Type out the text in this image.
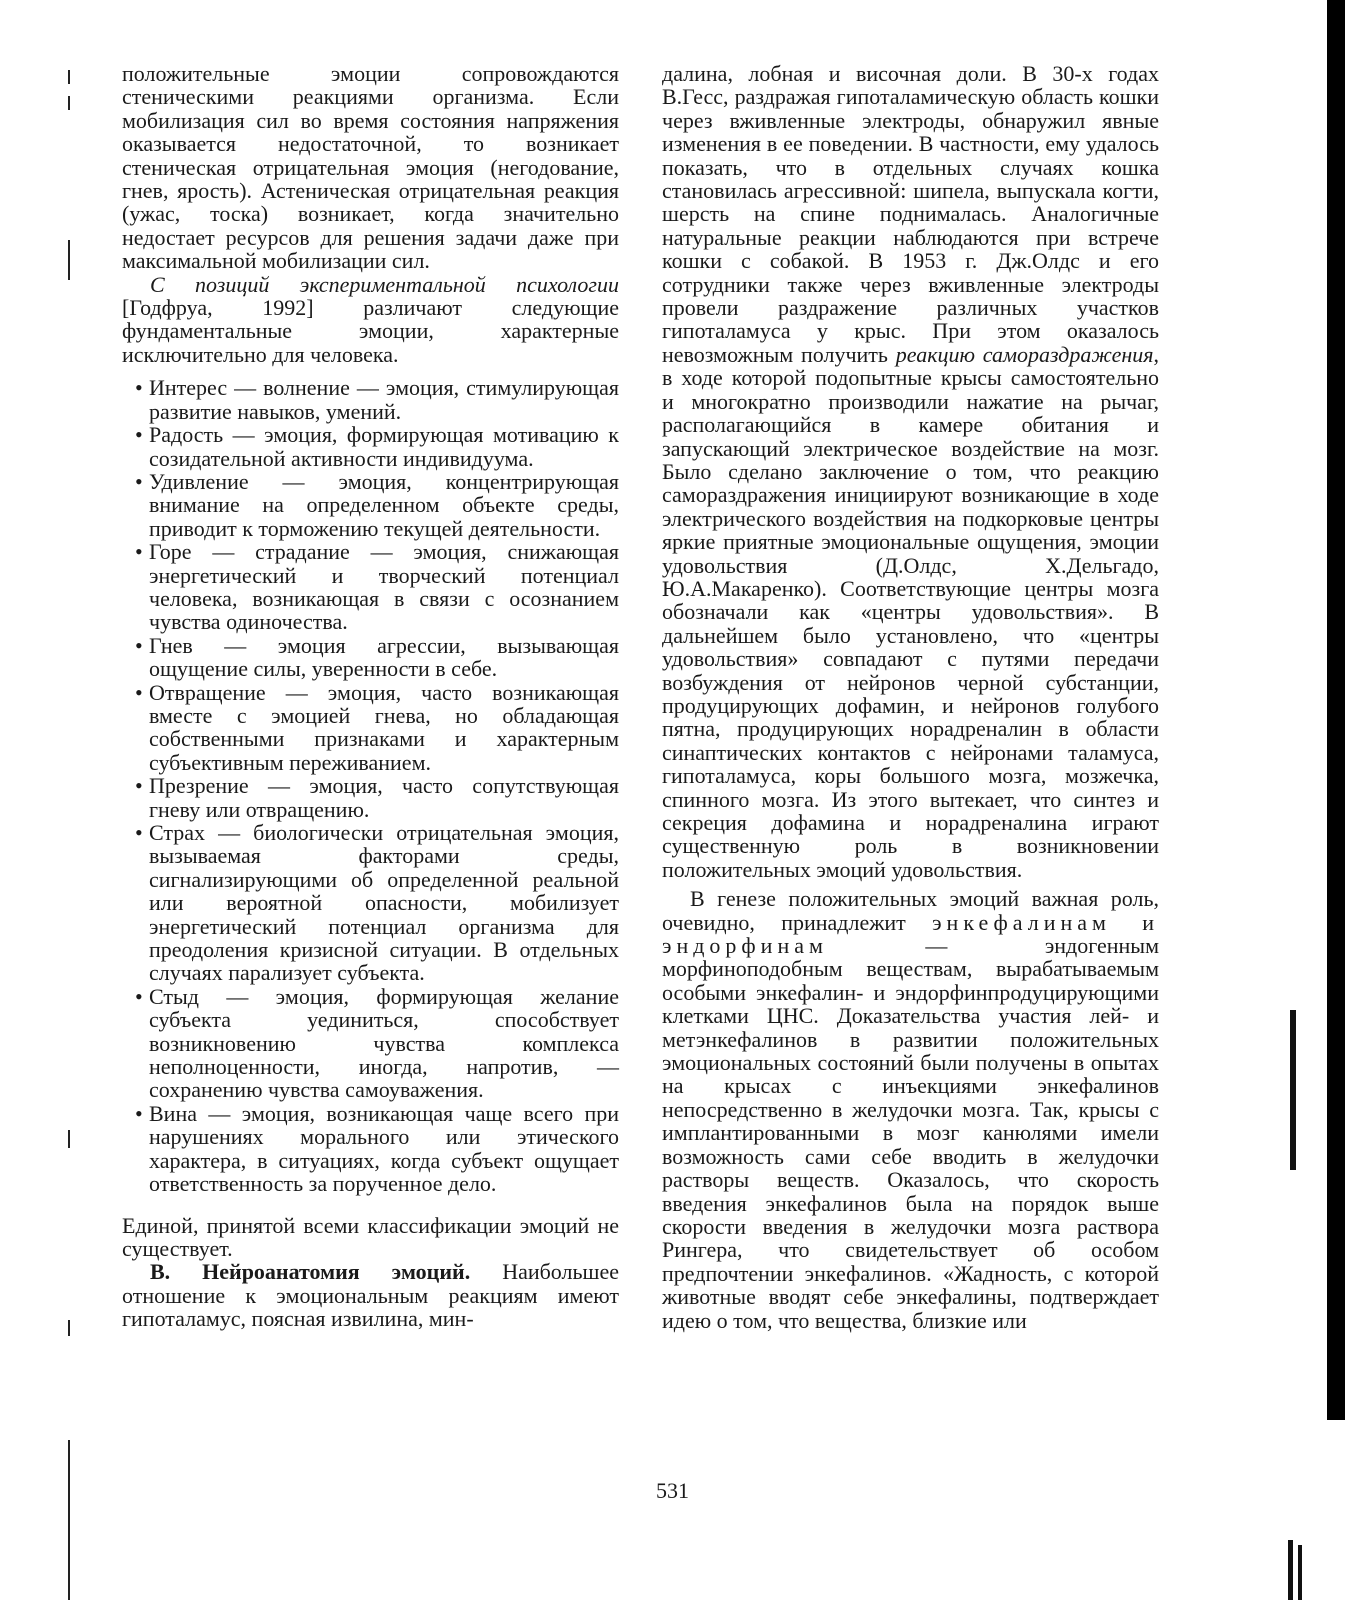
положительные эмоции сопровождаются стеническими реакциями организма. Если мобилизация сил во время состояния напряжения оказывается недостаточной, то возникает стеническая отрицательная эмоция (негодование, гнев, ярость). Астеническая отрицательная реакция (ужас, тоска) возникает, когда значительно недостает ресурсов для решения задачи даже при максимальной мобилизации сил.

С позиций экспериментальной психологии [Годфруа, 1992] различают следующие фундаментальные эмоции, характерные исключительно для человека.

• Интерес — волнение — эмоция, стимулирующая развитие навыков, умений.
• Радость — эмоция, формирующая мотивацию к созидательной активности индивидуума.
• Удивление — эмоция, концентрирующая внимание на определенном объекте среды, приводит к торможению текущей деятельности.
• Горе — страдание — эмоция, снижающая энергетический и творческий потенциал человека, возникающая в связи с осознанием чувства одиночества.
• Гнев — эмоция агрессии, вызывающая ощущение силы, уверенности в себе.
• Отвращение — эмоция, часто возникающая вместе с эмоцией гнева, но обладающая собственными признаками и характерным субъективным переживанием.
• Презрение — эмоция, часто сопутствующая гневу или отвращению.
• Страх — биологически отрицательная эмоция, вызываемая факторами среды, сигнализирующими об определенной реальной или вероятной опасности, мобилизует энергетический потенциал организма для преодоления кризисной ситуации. В отдельных случаях парализует субъекта.
• Стыд — эмоция, формирующая желание субъекта уединиться, способствует возникновению чувства комплекса неполноценности, иногда, напротив, — сохранению чувства самоуважения.
• Вина — эмоция, возникающая чаще всего при нарушениях морального или этического характера, в ситуациях, когда субъект ощущает ответственность за порученное дело.

Единой, принятой всеми классификации эмоций не существует.

В. Нейроанатомия эмоций. Наибольшее отношение к эмоциональным реакциям имеют гипоталамус, поясная извилина, мин-

далина, лобная и височная доли. В 30-х годах В.Гесс, раздражая гипоталамическую область кошки через вживленные электроды, обнаружил явные изменения в ее поведении. В частности, ему удалось показать, что в отдельных случаях кошка становилась агрессивной: шипела, выпускала когти, шерсть на спине поднималась. Аналогичные натуральные реакции наблюдаются при встрече кошки с собакой. В 1953 г. Дж.Олдс и его сотрудники также через вживленные электроды провели раздражение различных участков гипоталамуса у крыс. При этом оказалось невозможным получить реакцию самораздражения, в ходе которой подопытные крысы самостоятельно и многократно производили нажатие на рычаг, располагающийся в камере обитания и запускающий электрическое воздействие на мозг. Было сделано заключение о том, что реакцию самораздражения инициируют возникающие в ходе электрического воздействия на подкорковые центры яркие приятные эмоциональные ощущения, эмоции удовольствия (Д.Олдс, Х.Дельгадо, Ю.А.Макаренко). Соответствующие центры мозга обозначали как «центры удовольствия». В дальнейшем было установлено, что «центры удовольствия» совпадают с путями передачи возбуждения от нейронов черной субстанции, продуцирующих дофамин, и нейронов голубого пятна, продуцирующих норадреналин в области синаптических контактов с нейронами таламуса, гипоталамуса, коры большого мозга, мозжечка, спинного мозга. Из этого вытекает, что синтез и секреция дофамина и норадреналина играют существенную роль в возникновении положительных эмоций удовольствия.

В генезе положительных эмоций важная роль, очевидно, принадлежит энкефалинам и эндорфинам — эндогенным морфиноподобным веществам, вырабатываемым особыми энкефалин- и эндорфинпродуцирующими клетками ЦНС. Доказательства участия лей- и метэнкефалинов в развитии положительных эмоциональных состояний были получены в опытах на крысах с инъекциями энкефалинов непосредственно в желудочки мозга. Так, крысы с имплантированными в мозг канюлями имели возможность сами себе вводить в желудочки растворы веществ. Оказалось, что скорость введения энкефалинов была на порядок выше скорости введения в желудочки мозга раствора Рингера, что свидетельствует об особом предпочтении энкефалинов. «Жадность, с которой животные вводят себе энкефалины, подтверждает идею о том, что вещества, близкие или

531
